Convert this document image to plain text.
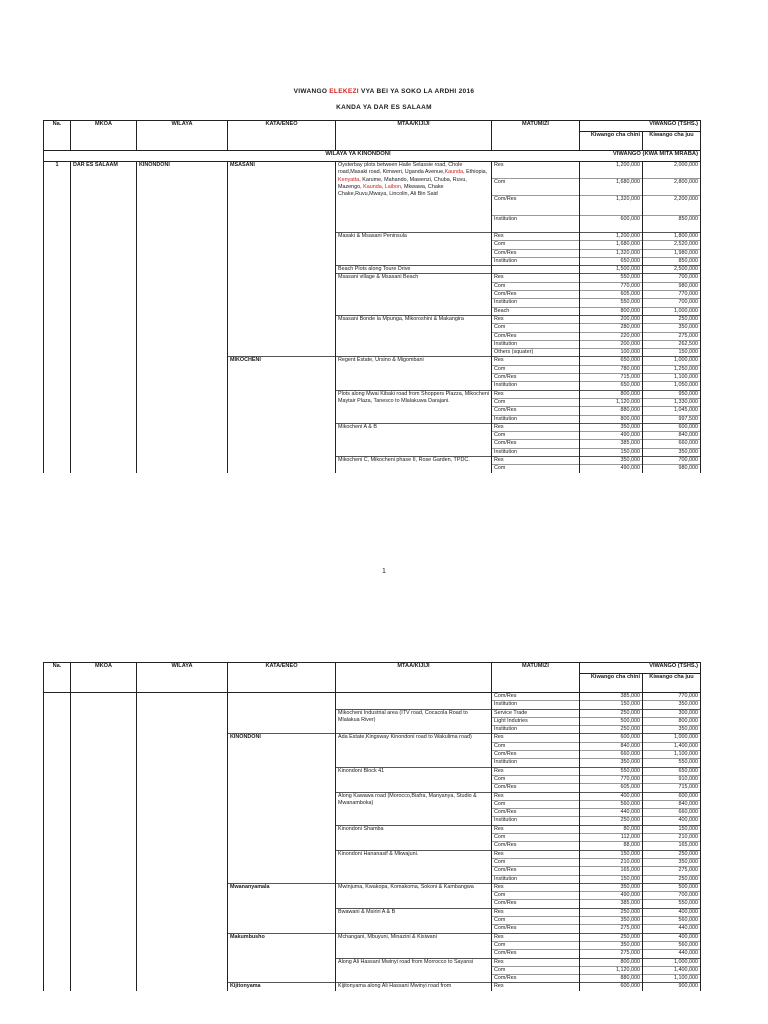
VIWANGO ELEKEZI VYA BEI YA SOKO LA ARDHI 2016
KANDA YA DAR ES SALAAM
Na.	MKOA	WILAYA	KATA/ENEO	MTAA/KIJIJI	MATUMIZI	VIWANGO (TSHS.)	
						Kiwango cha chini	Kiwango cha juu
		WILAYA YA KINONDONI				VIWANGO (KWA MITA MRABA)	
1	DAR ES SALAAM	KINONDONI	MSASANI	Oysterbay plots between Haile Selassie road, Chole road,Masaki road, Kimweri, Uganda Avenue,Kaunda, Ethiopia, Kenyatta, Karume, Mahando, Mawenzi, Chuba, Ruvu, Mazengo, Kaunda, Laibon, Mkwawa, Chake Chake,Ruvu,Mwaya, Lincolin, Ali Bin Said	Res	1,200,000	2,000,000
					Com	1,680,000	2,800,000
					Com/Res	1,320,000	2,200,000
					Institution	600,000	850,000
				Masaki & Msasani Peninsula	Res	1,200,000	1,800,000
					Com	1,680,000	2,520,000
					Com/Res	1,320,000	1,980,000
					Institution	650,000	850,000
				Beach Plots along Toure Drive		1,500,000	2,500,000
				Msasani village & Msasani Beach	Res	550,000	700,000
					Com	770,000	980,000
					Com/Res	605,000	770,000
					Institution	550,000	700,000
					Beach	800,000	1,000,000
				Msasani Bonde la Mpunga, Mikoroshini & Makangira	Res	200,000	250,000
					Com	280,000	350,000
					Com/Res	220,000	275,000
					Institution	200,000	262,500
					Others (squater)	100,000	150,000
			MIKOCHENI	Regent Estate, Ursino & Migombani	Res	650,000	1,000,000
					Com	780,000	1,250,000
					Com/Res	715,000	1,100,000
					Institution	650,000	1,050,000
				Plots along Mwai Kibaki road from Shoppers Plazza, Mikocheni Maytair Plaza, Tanesco to Mlalakuwa Darajani.	Res	800,000	950,000
					Com	1,120,000	1,330,000
					Com/Res	880,000	1,045,000
					Institution	800,000	997,500
				Mikocheni A & B	Res	350,000	600,000
					Com	490,000	840,000
					Com/Res	385,000	660,000
					Institution	150,000	350,000
				Mikocheni C, Mikocheni phase II, Rose Garden, TPDC.	Res	350,000	700,000
					Com	490,000	980,000
1
Na.	MKOA	WILAYA	KATA/ENEO	MTAA/KIJIJI	MATUMIZI	VIWANGO (TSHS.)	
						Kiwango cha chini	Kiwango cha juu
					Com/Res	385,000	770,000
					Institution	150,000	350,000
				Mikocheni Industrial area (ITV road, Cocacola Road to Mlalakua River)	Service Trade	250,000	300,000
					Light Indutries	500,000	800,000
					Institution	250,000	350,000
			KINONDONI	Ada Estate,Kingsway Kinondoni road to Wakulima road)	Res	600,000	1,000,000
					Com	840,000	1,400,000
					Com/Res	660,000	1,100,000
					Institution	350,000	550,000
				Kinondoni Block 41	Res	550,000	650,000
					Com	770,000	910,000
					Com/Res	605,000	715,000
				Along Kawawa road (Morocco,Biafra, Manyanya, Studio & Mwanamboka)	Res	400,000	600,000
					Com	560,000	840,000
					Com/Res	440,000	660,000
					Institution	250,000	400,000
				Kinondoni Shamba	Res	80,000	150,000
					Com	112,000	210,000
					Com/Res	88,000	165,000
				Kinondoni Hananasif & Mkwajuni.	Res	150,000	250,000
					Com	210,000	350,000
					Com/Res	165,000	275,000
					Institution	150,000	250,000
			Mwananyamala	Mwinjuma, Kwakopa, Komakoma, Sokoni & Kambangwa	Res	350,000	500,000
					Com	490,000	700,000
					Com/Res	385,000	550,000
				Bwawani & Msiriri A & B	Res	250,000	400,000
					Com	350,000	560,000
					Com/Res	275,000	440,000
			Makumbusho	Mchangani, Mbuyuni, Minazini & Kisiwani	Res	250,000	400,000
					Com	350,000	560,000
					Com/Res	275,000	440,000
				Along Ali Hassani Mwinyi road from Morrocco to Sayansi	Res	800,000	1,000,000
					Com	1,120,000	1,400,000
					Com/Res	880,000	1,100,000
			Kijitonyama	Kijitonyama along Ali Hassani Mwinyi road from	Res	600,000	900,000
